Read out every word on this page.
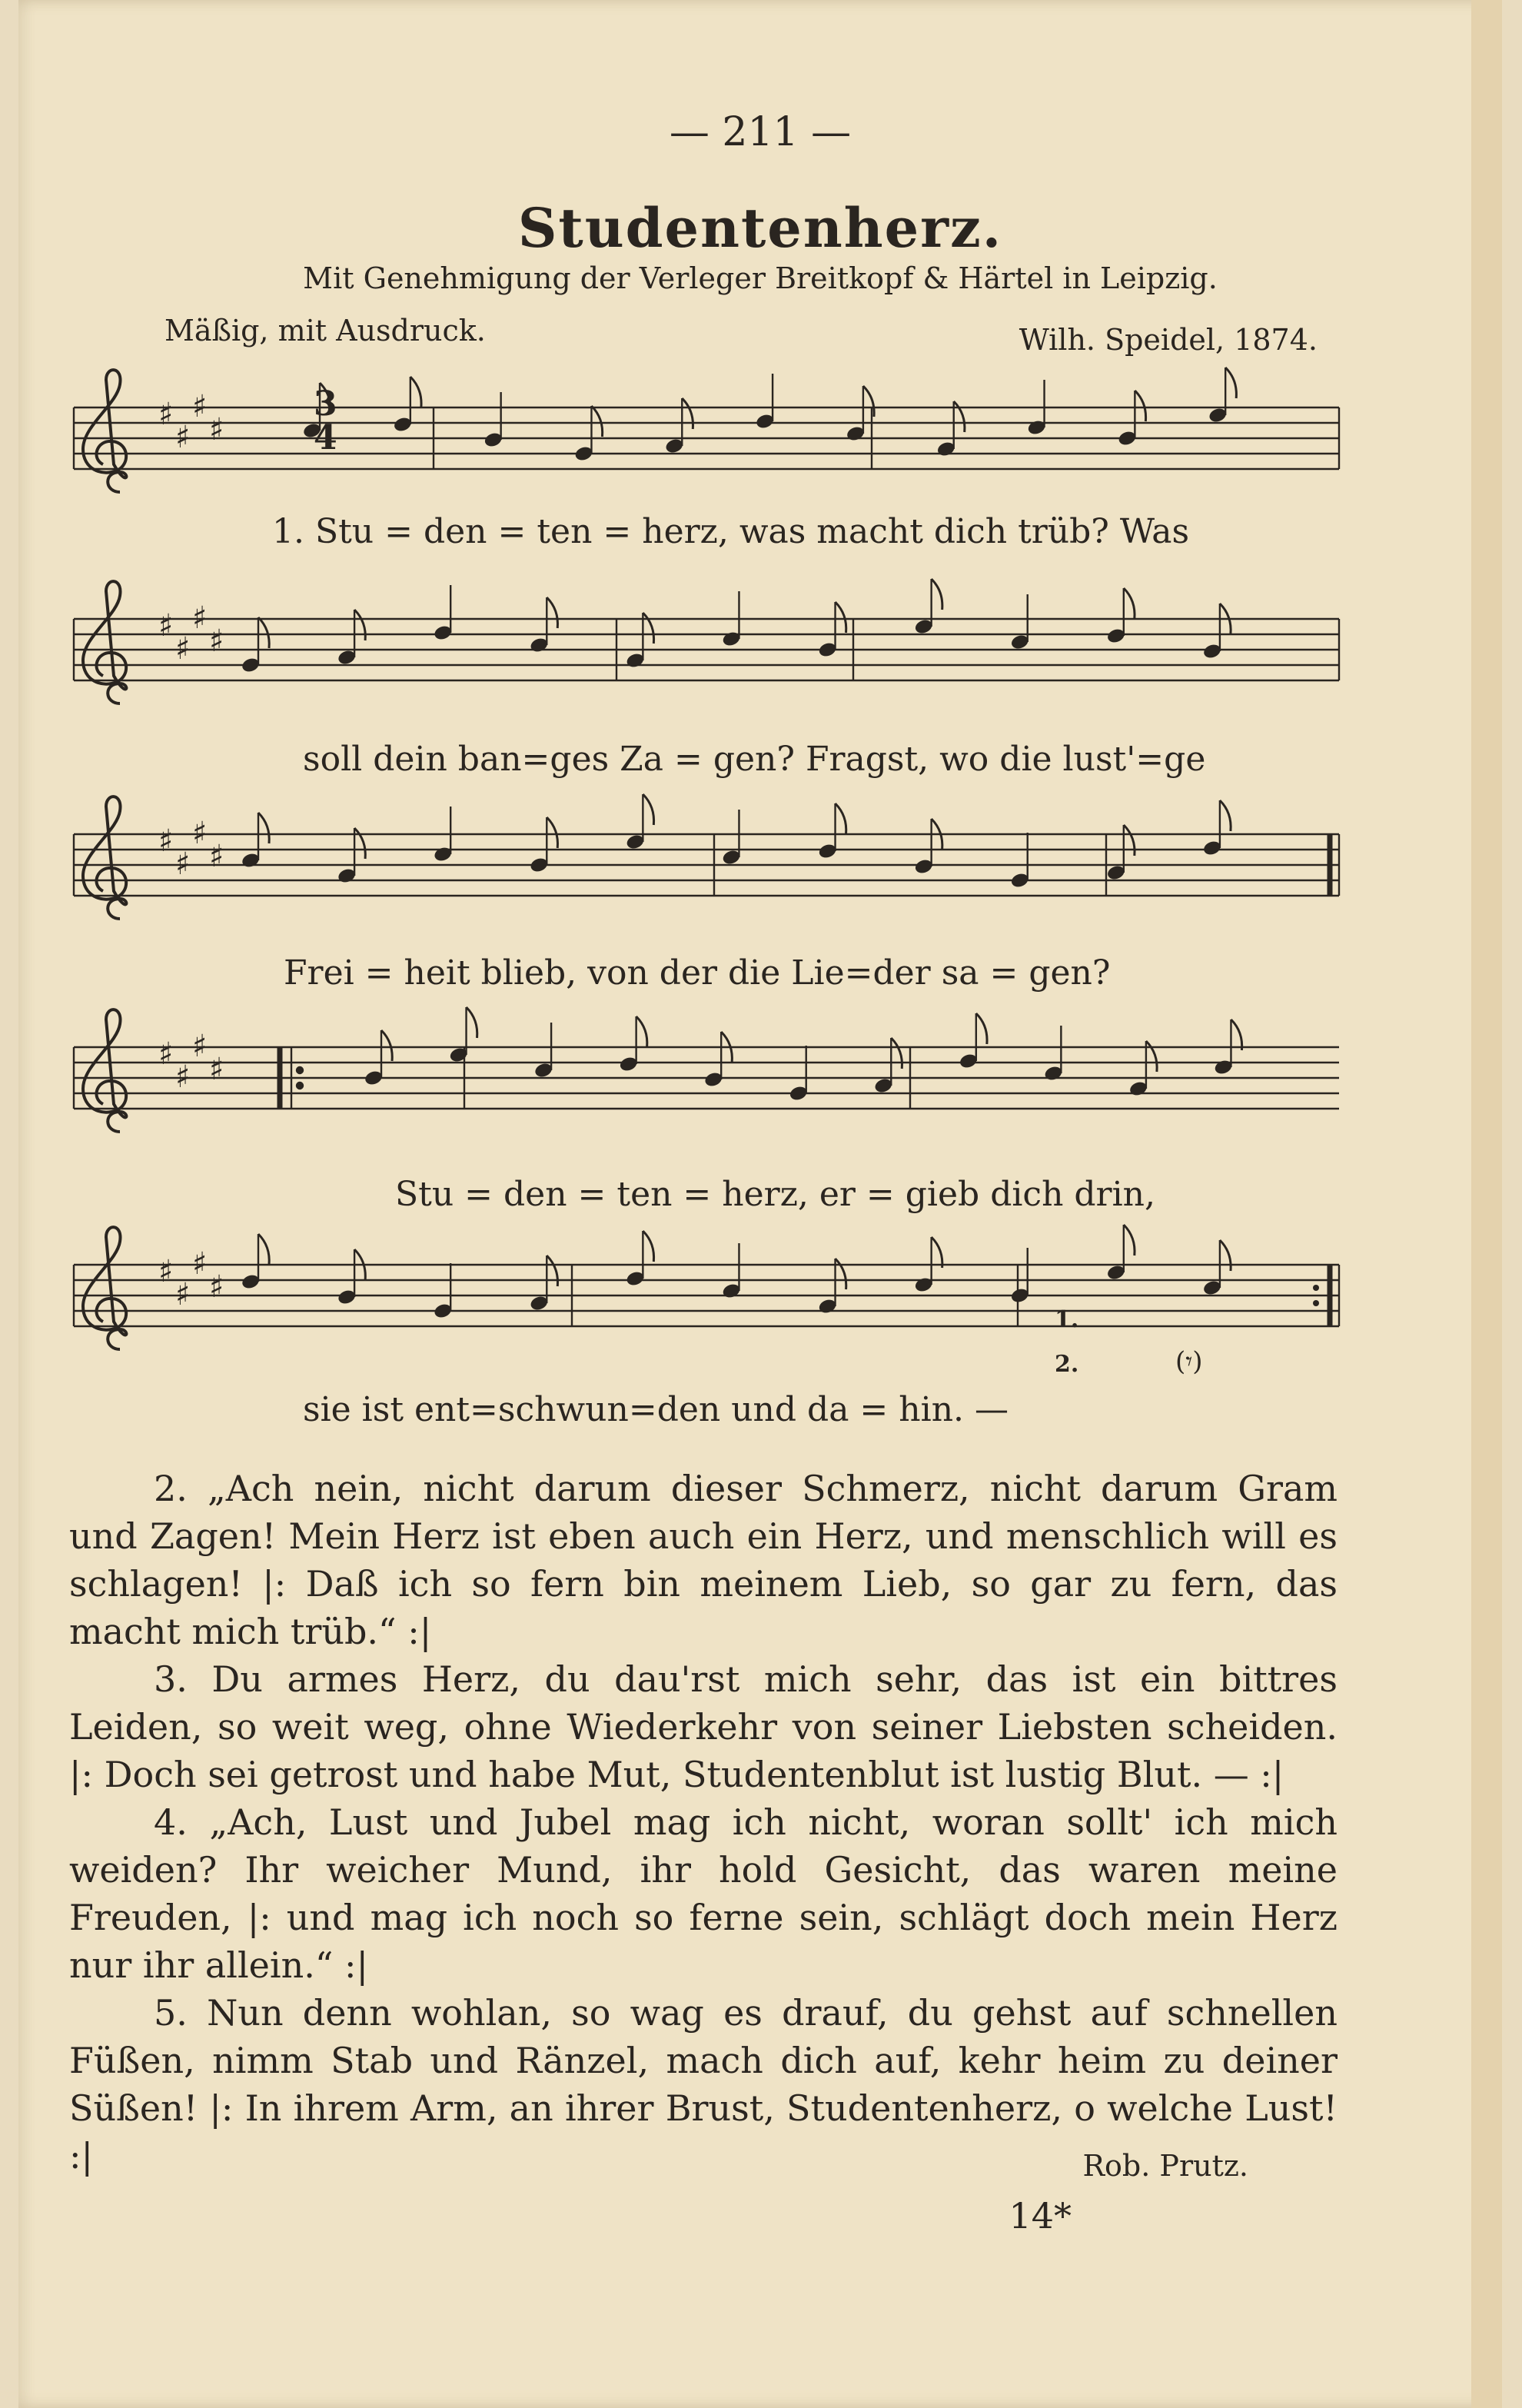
— 211 —
Studentenherz.
Mit Genehmigung der Verleger Breitkopf & Härtel in Leipzig.
Mäßig, mit Ausdruck.	Wilh. Speidel, 1874.
♯
♯
♯
♯
♯
♯
♯
♯
♯
♯
♯
♯
♯
♯
♯
♯
♯
♯
♯
♯
3
4
1.
2.	(𝄾)
1. Stu = den = ten = herz, was macht dich trüb? Was
soll dein ban=ges Za = gen? Fragst, wo die lust'=ge
Frei = heit blieb, von der die Lie=der sa = gen?
Stu = den = ten = herz, er = gieb dich drin,
sie ist ent=schwun=den und da = hin. —

2. „Ach nein, nicht darum dieser Schmerz, nicht darum Gram und Zagen! Mein Herz ist eben auch ein Herz, und menschlich will es schlagen! |: Daß ich so fern bin meinem Lieb, so gar zu fern, das macht mich trüb.“ :|

3. Du armes Herz, du dau'rst mich sehr, das ist ein bittres Leiden, so weit weg, ohne Wiederkehr von seiner Liebsten scheiden. |: Doch sei getrost und habe Mut, Studentenblut ist lustig Blut. — :|

4. „Ach, Lust und Jubel mag ich nicht, woran sollt' ich mich weiden? Ihr weicher Mund, ihr hold Gesicht, das waren meine Freuden, |: und mag ich noch so ferne sein, schlägt doch mein Herz nur ihr allein.“ :|

5. Nun denn wohlan, so wag es drauf, du gehst auf schnellen Füßen, nimm Stab und Ränzel, mach dich auf, kehr heim zu deiner Süßen! |: In ihrem Arm, an ihrer Brust, Studentenherz, o welche Lust! :|	Rob. Prutz.
14*
